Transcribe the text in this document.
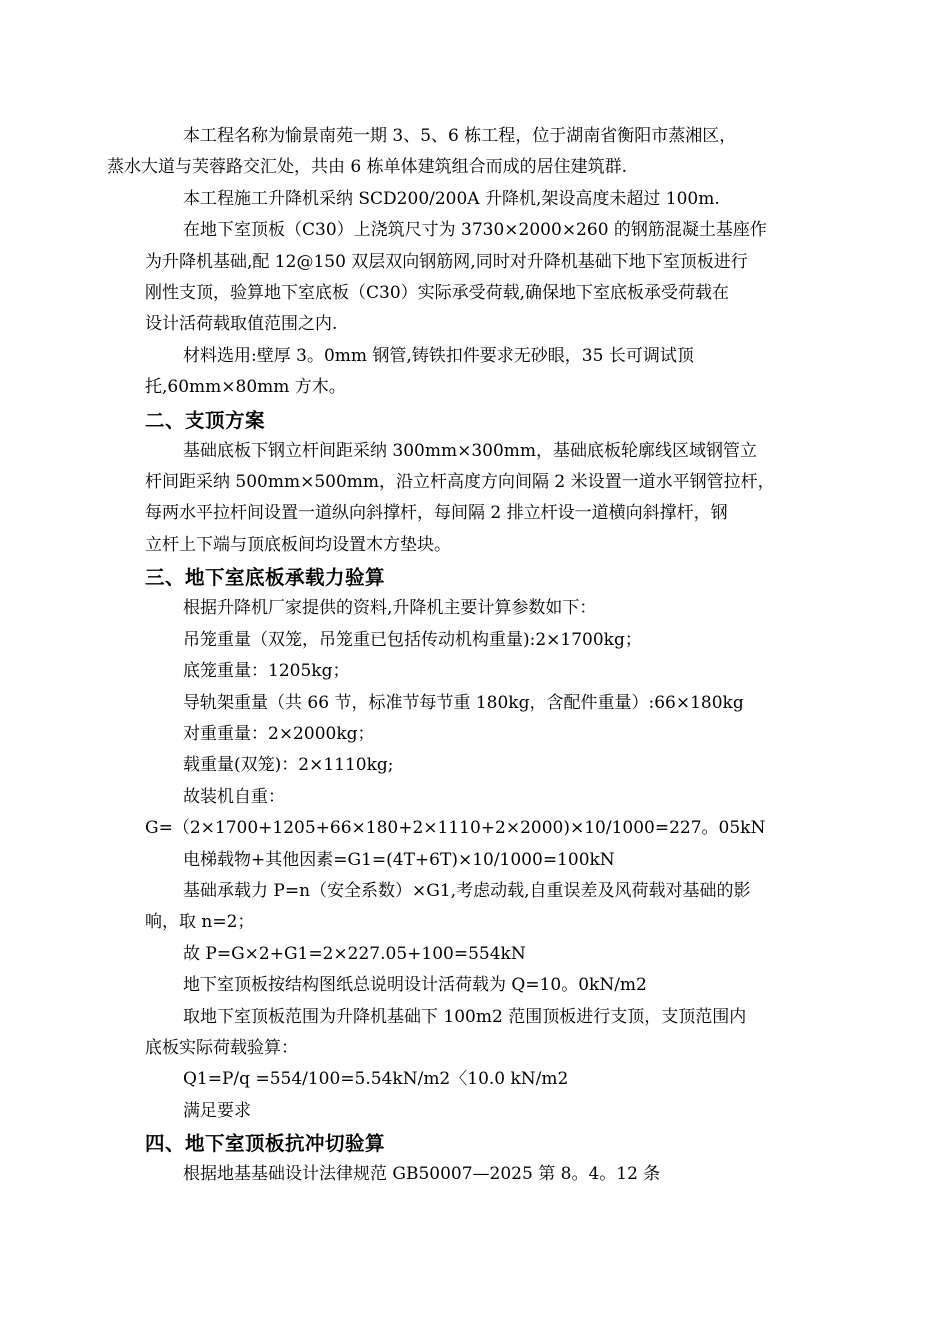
本工程名称为愉景南苑一期 3、5、6 栋工程，位于湖南省衡阳市蒸湘区，
蒸水大道与芙蓉路交汇处，共由 6 栋单体建筑组合而成的居住建筑群.

本工程施工升降机采纳 SCD200/200A 升降机,架设高度未超过 100m.

在地下室顶板（C30）上浇筑尺寸为 3730×2000×260 的钢筋混凝土基座作
为升降机基础,配 12@150 双层双向钢筋网,同时对升降机基础下地下室顶板进行
刚性支顶，验算地下室底板（C30）实际承受荷载,确保地下室底板承受荷载在
设计活荷载取值范围之内.

材料选用:壁厚 3。0mm 钢管,铸铁扣件要求无砂眼，35 长可调试顶
托,60mm×80mm 方木。

二、支顶方案

基础底板下钢立杆间距采纳 300mm×300mm，基础底板轮廓线区域钢管立
杆间距采纳 500mm×500mm，沿立杆高度方向间隔 2 米设置一道水平钢管拉杆，
每两水平拉杆间设置一道纵向斜撑杆，每间隔 2 排立杆设一道横向斜撑杆，钢
立杆上下端与顶底板间均设置木方垫块。

三、地下室底板承载力验算

根据升降机厂家提供的资料,升降机主要计算参数如下：

吊笼重量（双笼，吊笼重已包括传动机构重量):2×1700kg；

底笼重量：1205kg；

导轨架重量（共 66 节，标准节每节重 180kg，含配件重量）:66×180kg

对重重量：2×2000kg；

载重量(双笼)：2×1110kg;

故装机自重：

G=（2×1700+1205+66×180+2×1110+2×2000)×10/1000=227。05kN

电梯载物+其他因素=G1=(4T+6T)×10/1000=100kN

基础承载力 P=n（安全系数）×G1,考虑动载,自重误差及风荷载对基础的影
响，取 n=2；

故 P=G×2+G1=2×227.05+100=554kN

地下室顶板按结构图纸总说明设计活荷载为 Q=10。0kN/m2

取地下室顶板范围为升降机基础下 100m2 范围顶板进行支顶，支顶范围内
底板实际荷载验算：

Q1=P/q =554/100=5.54kN/m2〈10.0 kN/m2

满足要求

四、地下室顶板抗冲切验算

根据地基基础设计法律规范 GB50007—2025 第 8。4。12 条
